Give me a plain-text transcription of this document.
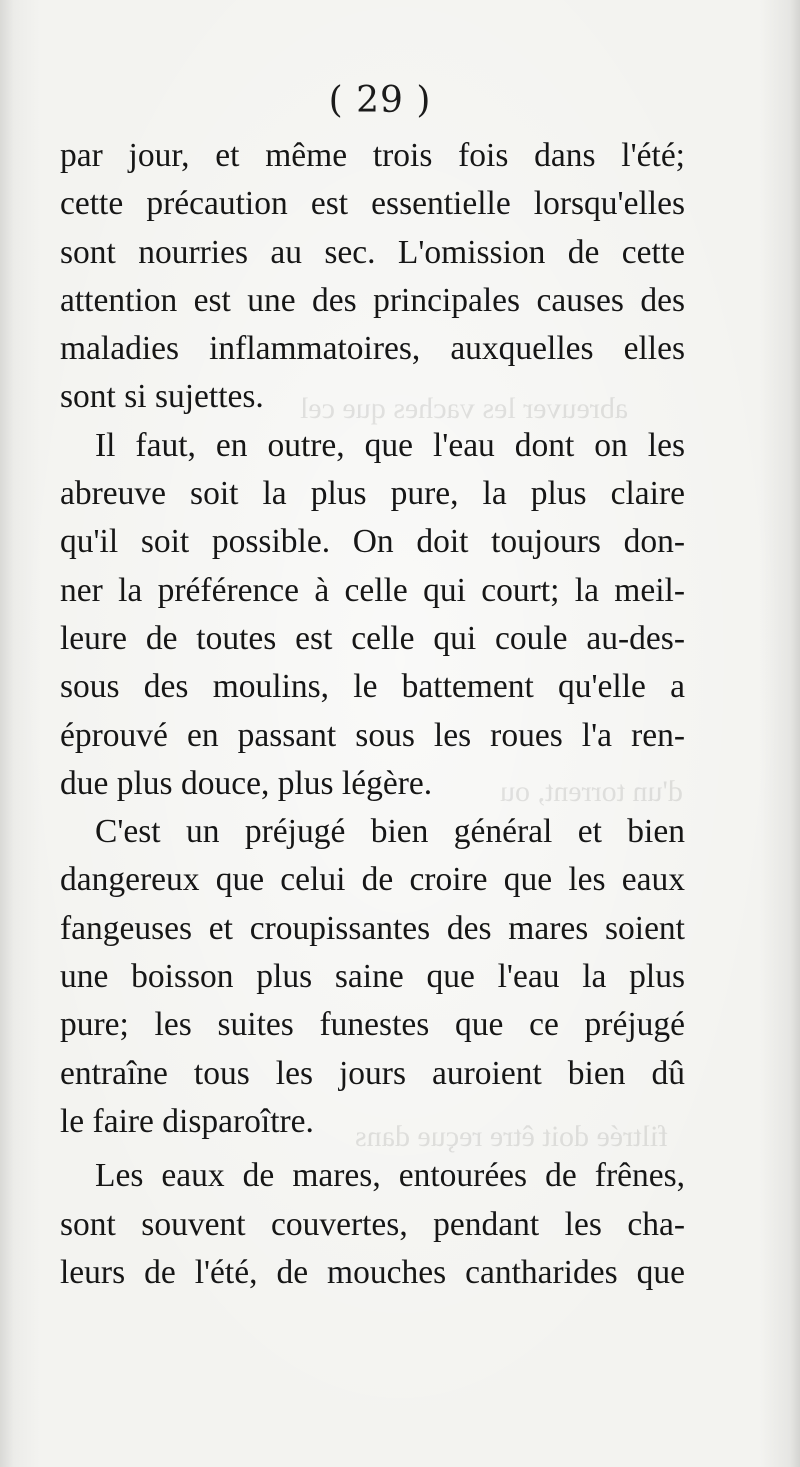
abreuver les vaches que cel
d'un torrent, ou
filtrée doit être reçue dans
( 29 )
par jour, et même trois fois dans l'été;
cette précaution est essentielle lorsqu'elles
sont nourries au sec. L'omission de cette
attention est une des principales causes des
maladies inflammatoires, auxquelles elles
sont si sujettes.
Il faut, en outre, que l'eau dont on les
abreuve soit la plus pure, la plus claire
qu'il soit possible. On doit toujours don-
ner la préférence à celle qui court; la meil-
leure de toutes est celle qui coule au-des-
sous des moulins, le battement qu'elle a
éprouvé en passant sous les roues l'a ren-
due plus douce, plus légère.
C'est un préjugé bien général et bien
dangereux que celui de croire que les eaux
fangeuses et croupissantes des mares soient
une boisson plus saine que l'eau la plus
pure; les suites funestes que ce préjugé
entraîne tous les jours auroient bien dû
le faire disparoître.
Les eaux de mares, entourées de frênes,
sont souvent couvertes, pendant les cha-
leurs de l'été, de mouches cantharides que
